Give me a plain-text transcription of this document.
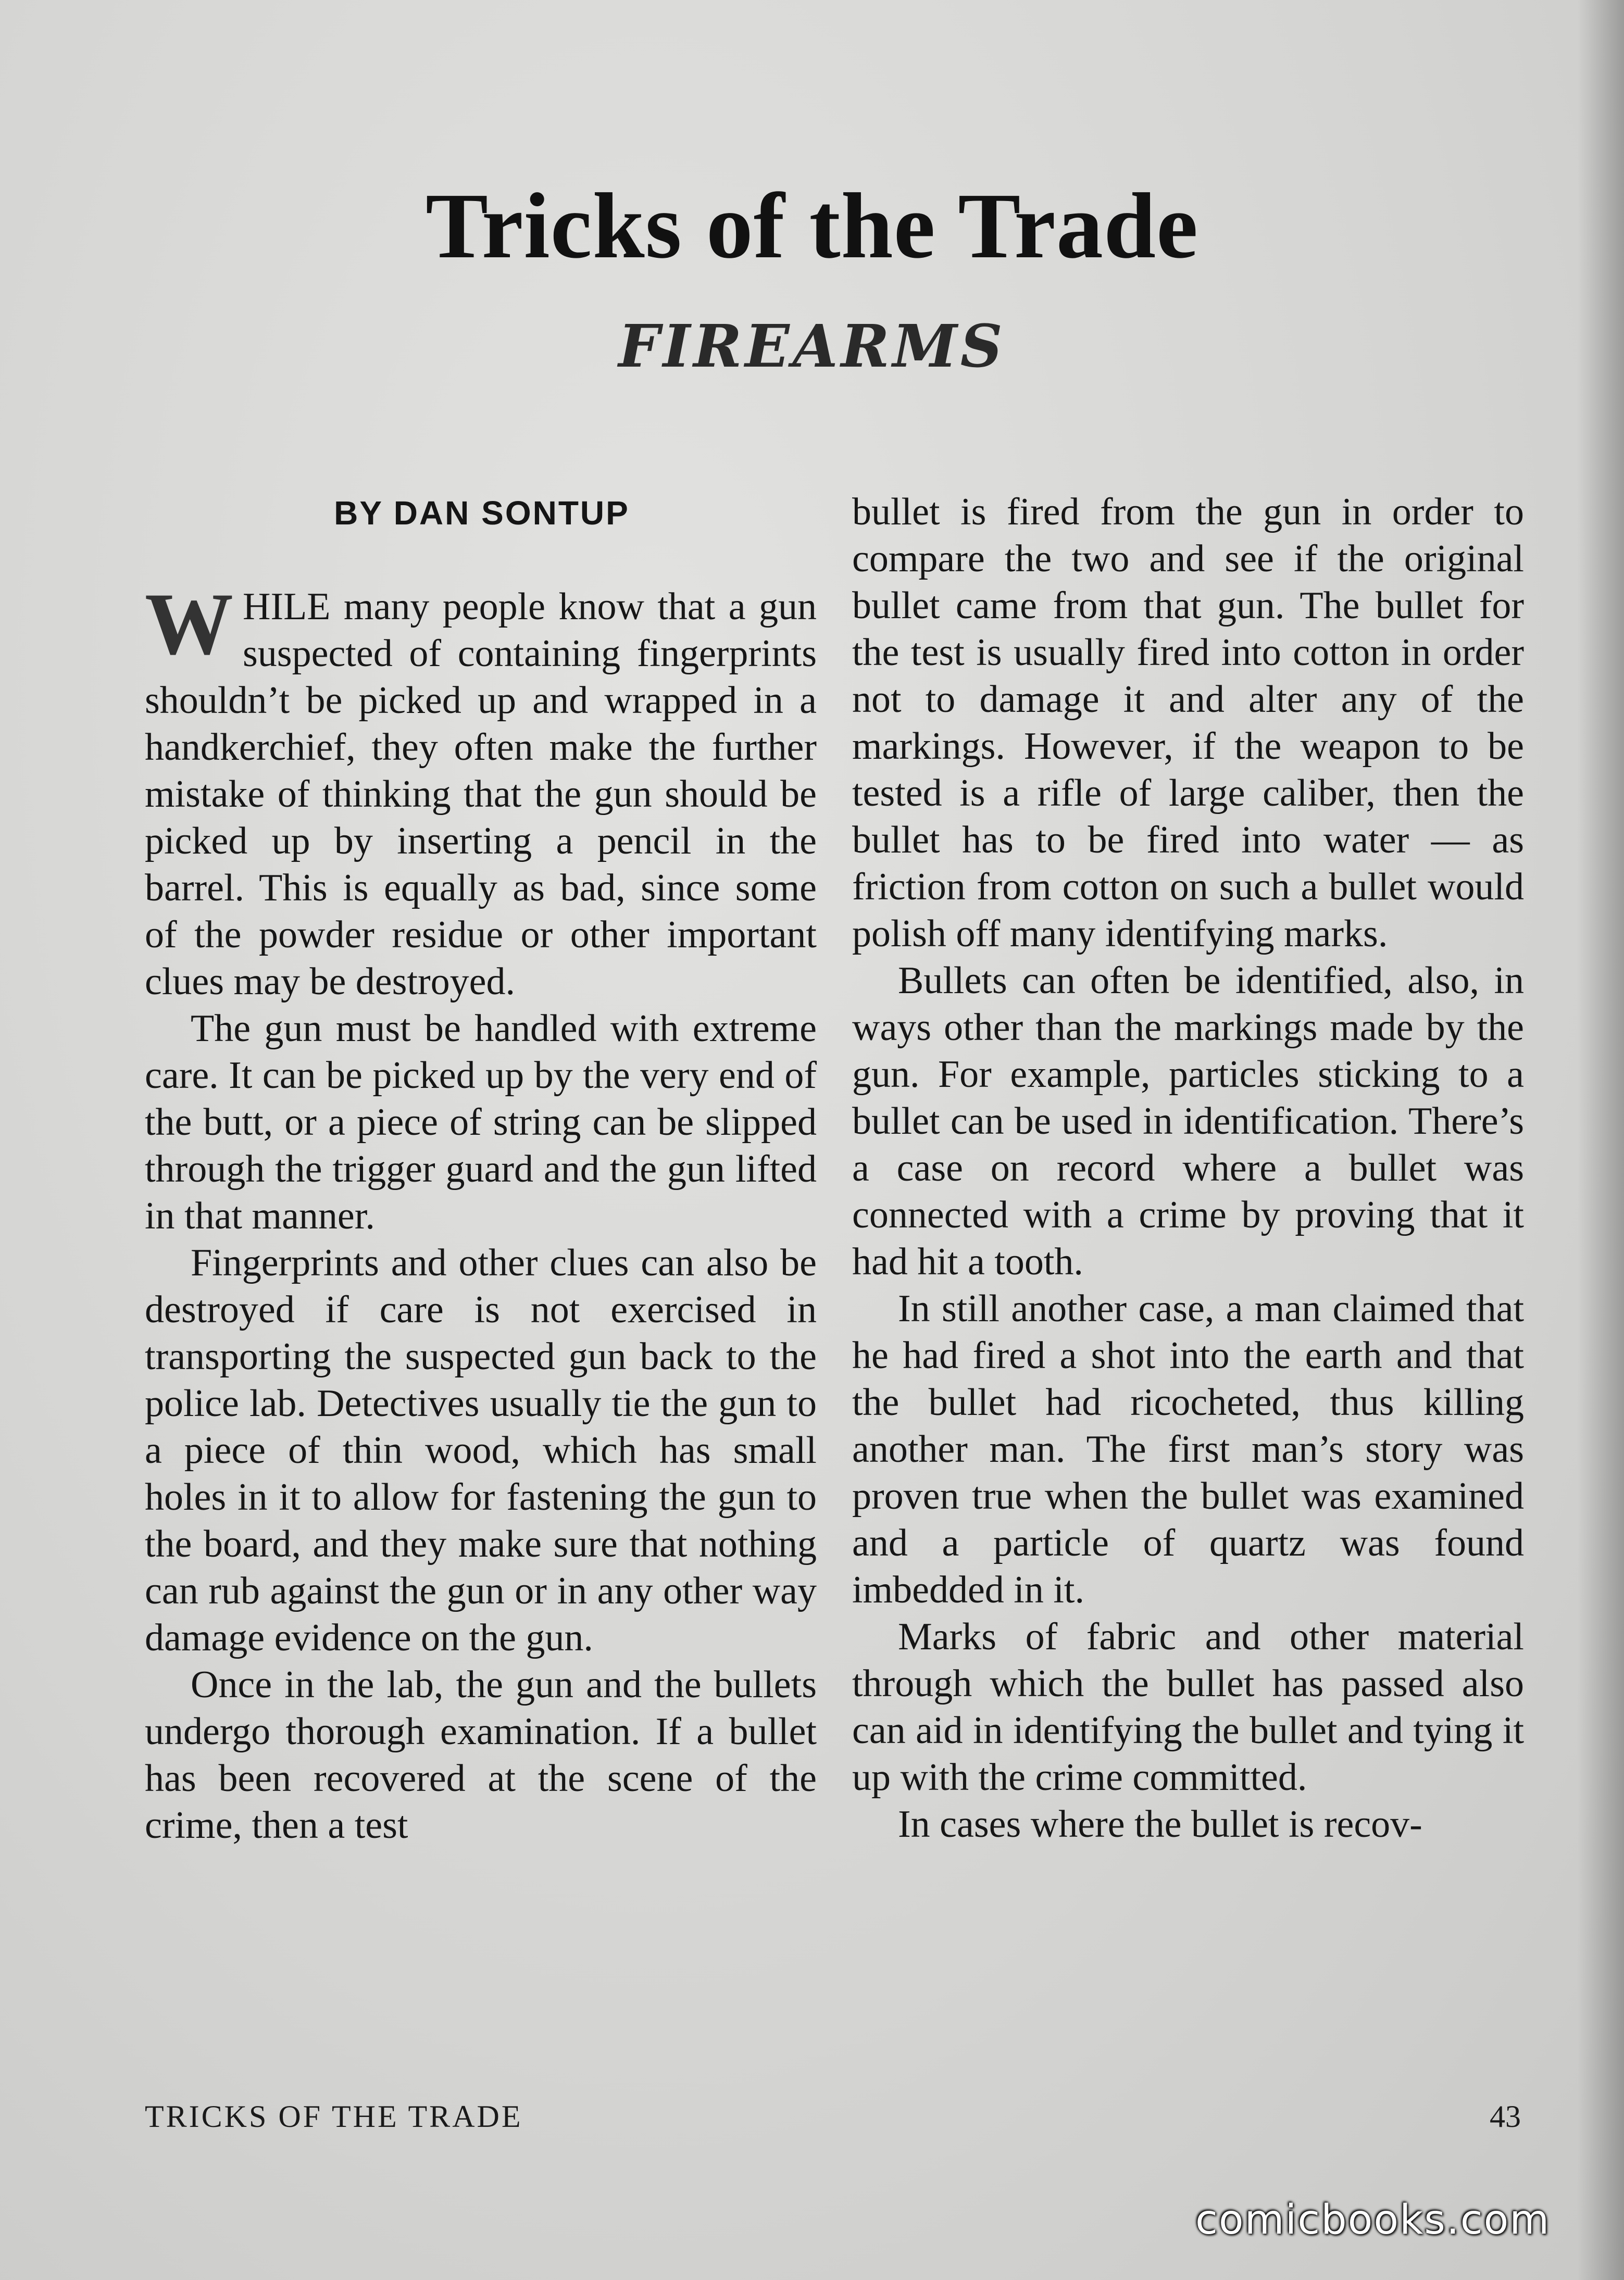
Tricks of the Trade
FIREARMS
BY DAN SONTUP

WHILE many people know that a gun suspected of containing fingerprints shouldn’t be picked up and wrapped in a handkerchief, they often make the further mistake of thinking that the gun should be picked up by inserting a pencil in the barrel. This is equally as bad, since some of the powder residue or other important clues may be destroyed.

The gun must be handled with extreme care. It can be picked up by the very end of the butt, or a piece of string can be slipped through the trigger guard and the gun lifted in that manner.

Fingerprints and other clues can also be destroyed if care is not exercised in transporting the suspected gun back to the police lab. Detectives usually tie the gun to a piece of thin wood, which has small holes in it to allow for fastening the gun to the board, and they make sure that nothing can rub against the gun or in any other way damage evidence on the gun.

Once in the lab, the gun and the bullets undergo thorough examination. If a bullet has been recovered at the scene of the crime, then a test

bullet is fired from the gun in order to compare the two and see if the original bullet came from that gun. The bullet for the test is usually fired into cotton in order not to damage it and alter any of the markings. However, if the weapon to be tested is a rifle of large caliber, then the bullet has to be fired into water — as friction from cotton on such a bullet would polish off many identifying marks.

Bullets can often be identified, also, in ways other than the markings made by the gun. For example, particles sticking to a bullet can be used in identification. There’s a case on record where a bullet was connected with a crime by proving that it had hit a tooth.

In still another case, a man claimed that he had fired a shot into the earth and that the bullet had ricocheted, thus killing another man. The first man’s story was proven true when the bullet was examined and a particle of quartz was found imbedded in it.

Marks of fabric and other material through which the bullet has passed also can aid in identifying the bullet and tying it up with the crime committed.

In cases where the bullet is recov-

TRICKS OF THE TRADE	43
comicbooks.com
